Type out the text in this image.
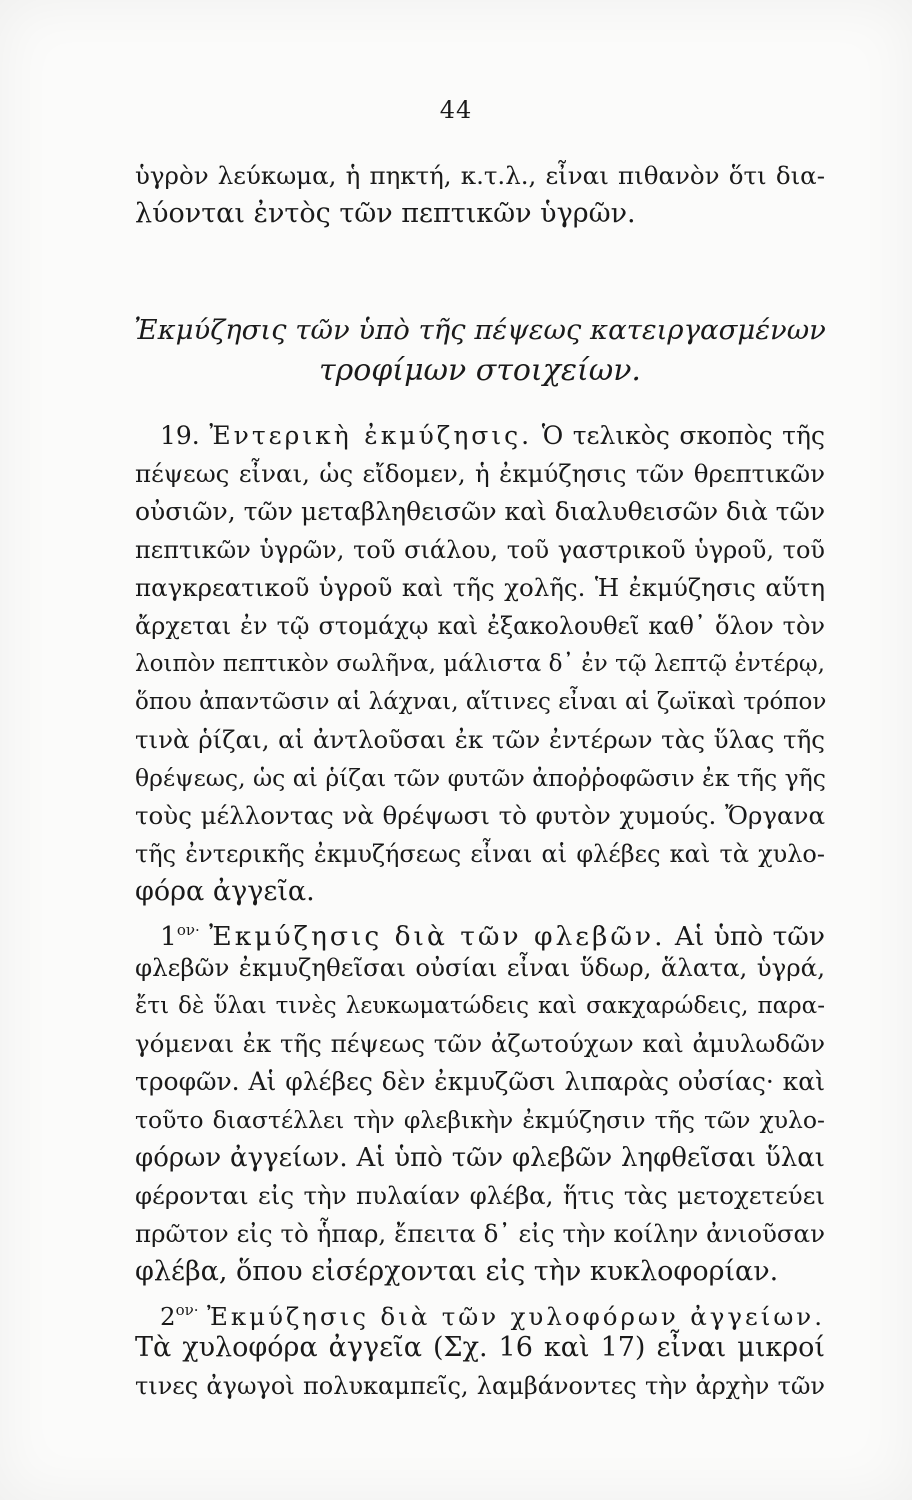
44
ὑγρὸν λεύκωμα, ἡ πηκτή, κ.τ.λ., εἶναι πιθανὸν ὅτι δια-
λύονται ἐντὸς τῶν πεπτικῶν ὑγρῶν.
Ἐκμύζησις τῶν ὑπὸ τῆς πέψεως κατειργασμένων
τροφίμων στοιχείων.
19. Ἐντερικὴ ἐκμύζησις. Ὁ τελικὸς σκοπὸς τῆς
πέψεως εἶναι, ὡς εἴδομεν, ἡ ἐκμύζησις τῶν θρεπτικῶν
οὐσιῶν, τῶν μεταβληθεισῶν καὶ διαλυθεισῶν διὰ τῶν
πεπτικῶν ὑγρῶν, τοῦ σιάλου, τοῦ γαστρικοῦ ὑγροῦ, τοῦ
παγκρεατικοῦ ὑγροῦ καὶ τῆς χολῆς. Ἡ ἐκμύζησις αὕτη
ἄρχεται ἐν τῷ στομάχῳ καὶ ἐξακολουθεῖ καθ᾽ ὅλον τὸν
λοιπὸν πεπτικὸν σωλῆνα, μάλιστα δ᾽ ἐν τῷ λεπτῷ ἐντέρῳ,
ὅπου ἀπαντῶσιν αἱ λάχναι, αἵτινες εἶναι αἱ ζωϊκαὶ τρόπον
τινὰ ῥίζαι, αἱ ἀντλοῦσαι ἐκ τῶν ἐντέρων τὰς ὕλας τῆς
θρέψεως, ὡς αἱ ῥίζαι τῶν φυτῶν ἀποῤῥοφῶσιν ἐκ τῆς γῆς
τοὺς μέλλοντας νὰ θρέψωσι τὸ φυτὸν χυμούς. Ὄργανα
τῆς ἐντερικῆς ἐκμυζήσεως εἶναι αἱ φλέβες καὶ τὰ χυλο-
φόρα ἀγγεῖα.
$1^{o\nu\cdot}$ Ἐκμύζησις διὰ τῶν φλεβῶν. Αἱ ὑπὸ τῶν
φλεβῶν ἐκμυζηθεῖσαι οὐσίαι εἶναι ὕδωρ, ἅλατα, ὑγρά,
ἔτι δὲ ὕλαι τινὲς λευκωματώδεις καὶ σακχαρώδεις, παρα-
γόμεναι ἐκ τῆς πέψεως τῶν ἀζωτούχων καὶ ἀμυλωδῶν
τροφῶν. Αἱ φλέβες δὲν ἐκμυζῶσι λιπαρὰς οὐσίας· καὶ
τοῦτο διαστέλλει τὴν φλεβικὴν ἐκμύζησιν τῆς τῶν χυλο-
φόρων ἀγγείων. Αἱ ὑπὸ τῶν φλεβῶν ληφθεῖσαι ὕλαι
φέρονται εἰς τὴν πυλαίαν φλέβα, ἥτις τὰς μετοχετεύει
πρῶτον εἰς τὸ ἧπαρ, ἔπειτα δ᾽ εἰς τὴν κοίλην ἀνιοῦσαν
φλέβα, ὅπου εἰσέρχονται εἰς τὴν κυκλοφορίαν.
$2^{o\nu\cdot}$ Ἐκμύζησις διὰ τῶν χυλοφόρων ἀγγείων.
Τὰ χυλοφόρα ἀγγεῖα (Σχ. 16 καὶ 17) εἶναι μικροί
τινες ἀγωγοὶ πολυκαμπεῖς, λαμβάνοντες τὴν ἀρχὴν τῶν
